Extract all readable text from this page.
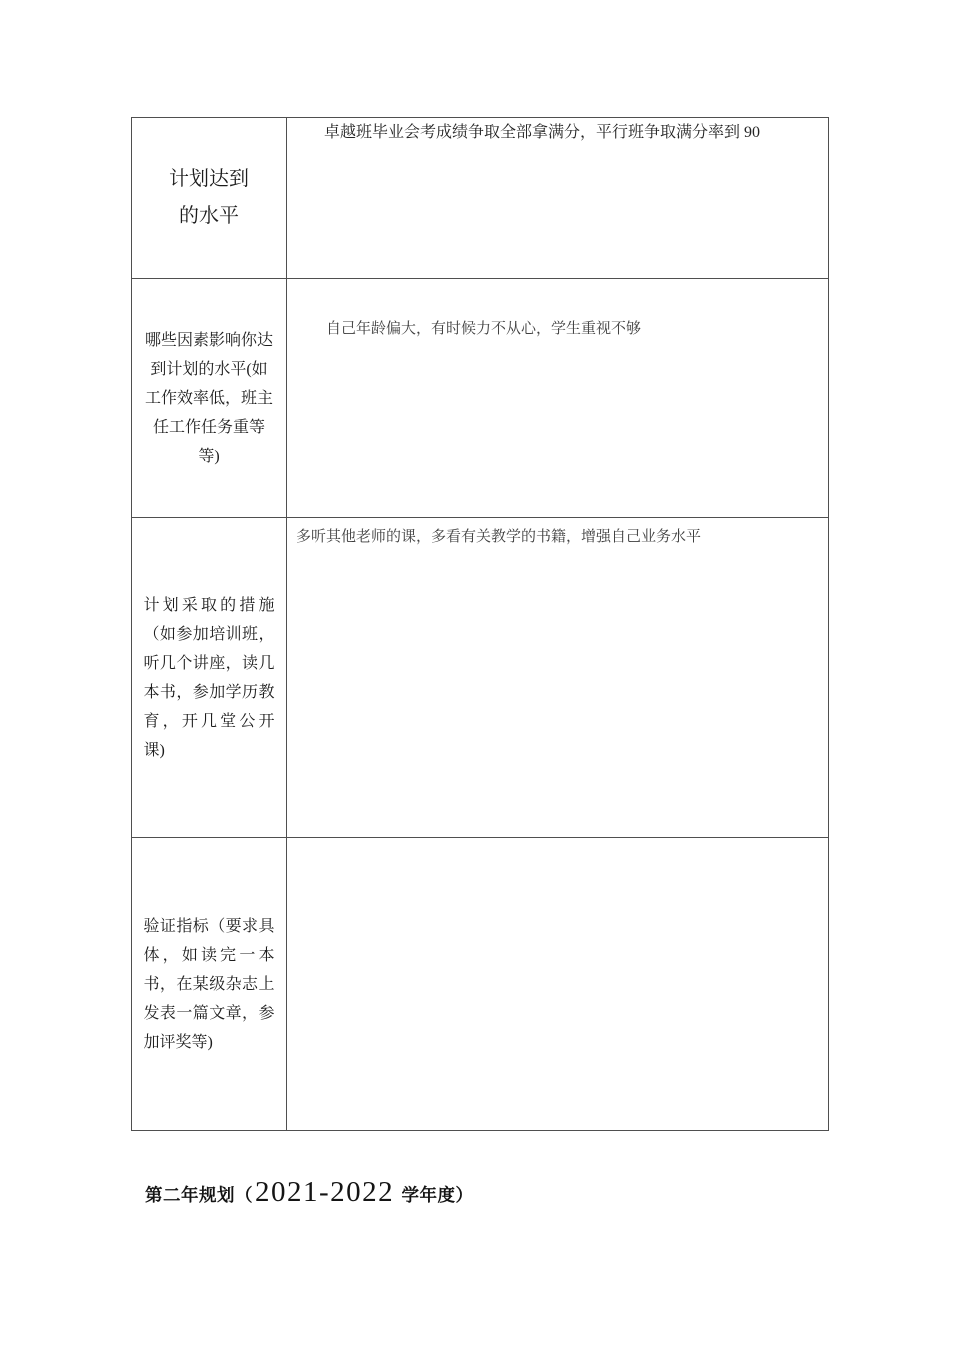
计划达到的水平
卓越班毕业会考成绩争取全部拿满分，平行班争取满分率到 90
哪些因素影响你达到计划的水平(如工作效率低，班主任工作任务重等等)
自己年龄偏大，有时候力不从心，学生重视不够
计划采取的措施（如参加培训班，听几个讲座，读几本书，参加学历教育，开几堂公开课)
多听其他老师的课，多看有关教学的书籍，增强自己业务水平
验证指标（要求具体，如读完一本书，在某级杂志上发表一篇文章，参加评奖等)
第二年规划（ 2021-2022 学年度）
